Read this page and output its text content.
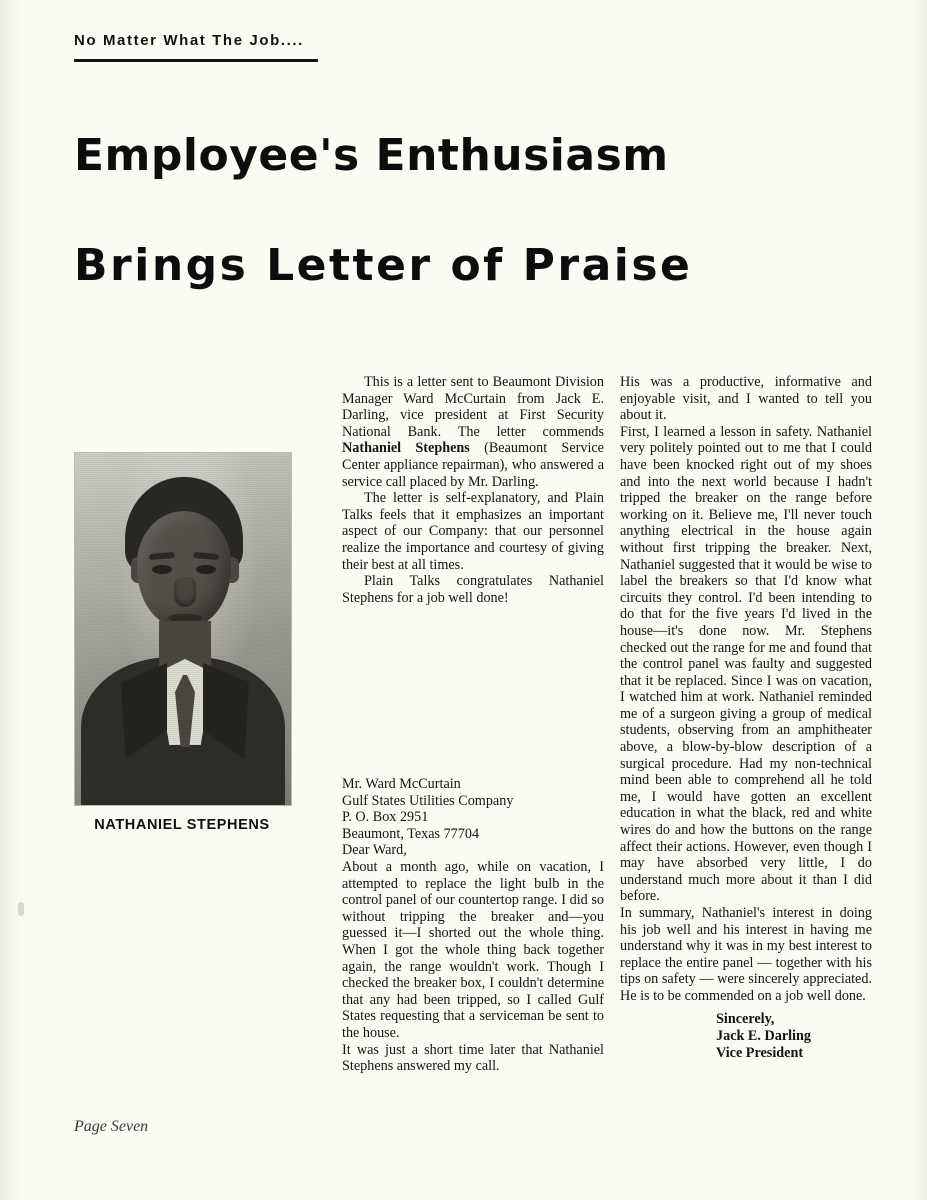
No Matter What The Job....
Employee's Enthusiasm
Brings Letter of Praise
NATHANIEL STEPHENS

This is a letter sent to Beaumont Division Manager Ward McCurtain from Jack E. Darling, vice president at First Security National Bank. The letter commends Nathaniel Stephens (Beaumont Service Center appliance repairman), who answered a service call placed by Mr. Darling.

The letter is self-explanatory, and Plain Talks feels that it emphasizes an important aspect of our Company: that our personnel realize the importance and courtesy of giving their best at all times.

Plain Talks congratulates Nathaniel Stephens for a job well done!

Mr. Ward McCurtain

Gulf States Utilities Company

P. O. Box 2951

Beaumont, Texas 77704

Dear Ward,

About a month ago, while on vacation, I attempted to replace the light bulb in the control panel of our countertop range. I did so without tripping the breaker and—you guessed it—I shorted out the whole thing. When I got the whole thing back together again, the range wouldn't work. Though I checked the breaker box, I couldn't determine that any had been tripped, so I called Gulf States requesting that a serviceman be sent to the house.

It was just a short time later that Nathaniel Stephens answered my call.

His was a productive, informative and enjoyable visit, and I wanted to tell you about it.

First, I learned a lesson in safety. Nathaniel very politely pointed out to me that I could have been knocked right out of my shoes and into the next world because I hadn't tripped the breaker on the range before working on it. Believe me, I'll never touch anything electrical in the house again without first tripping the breaker. Next, Nathaniel suggested that it would be wise to label the breakers so that I'd know what circuits they control. I'd been intending to do that for the five years I'd lived in the house—it's done now. Mr. Stephens checked out the range for me and found that the control panel was faulty and suggested that it be replaced. Since I was on vacation, I watched him at work. Nathaniel reminded me of a surgeon giving a group of medical students, observing from an amphitheater above, a blow-by-blow description of a surgical procedure. Had my non-technical mind been able to comprehend all he told me, I would have gotten an excellent education in what the black, red and white wires do and how the buttons on the range affect their actions. However, even though I may have absorbed very little, I do understand much more about it than I did before.

In summary, Nathaniel's interest in doing his job well and his interest in having me understand why it was in my best interest to replace the entire panel — together with his tips on safety — were sincerely appreciated. He is to be commended on a job well done.

Sincerely,
Jack E. Darling
Vice President
Page Seven
